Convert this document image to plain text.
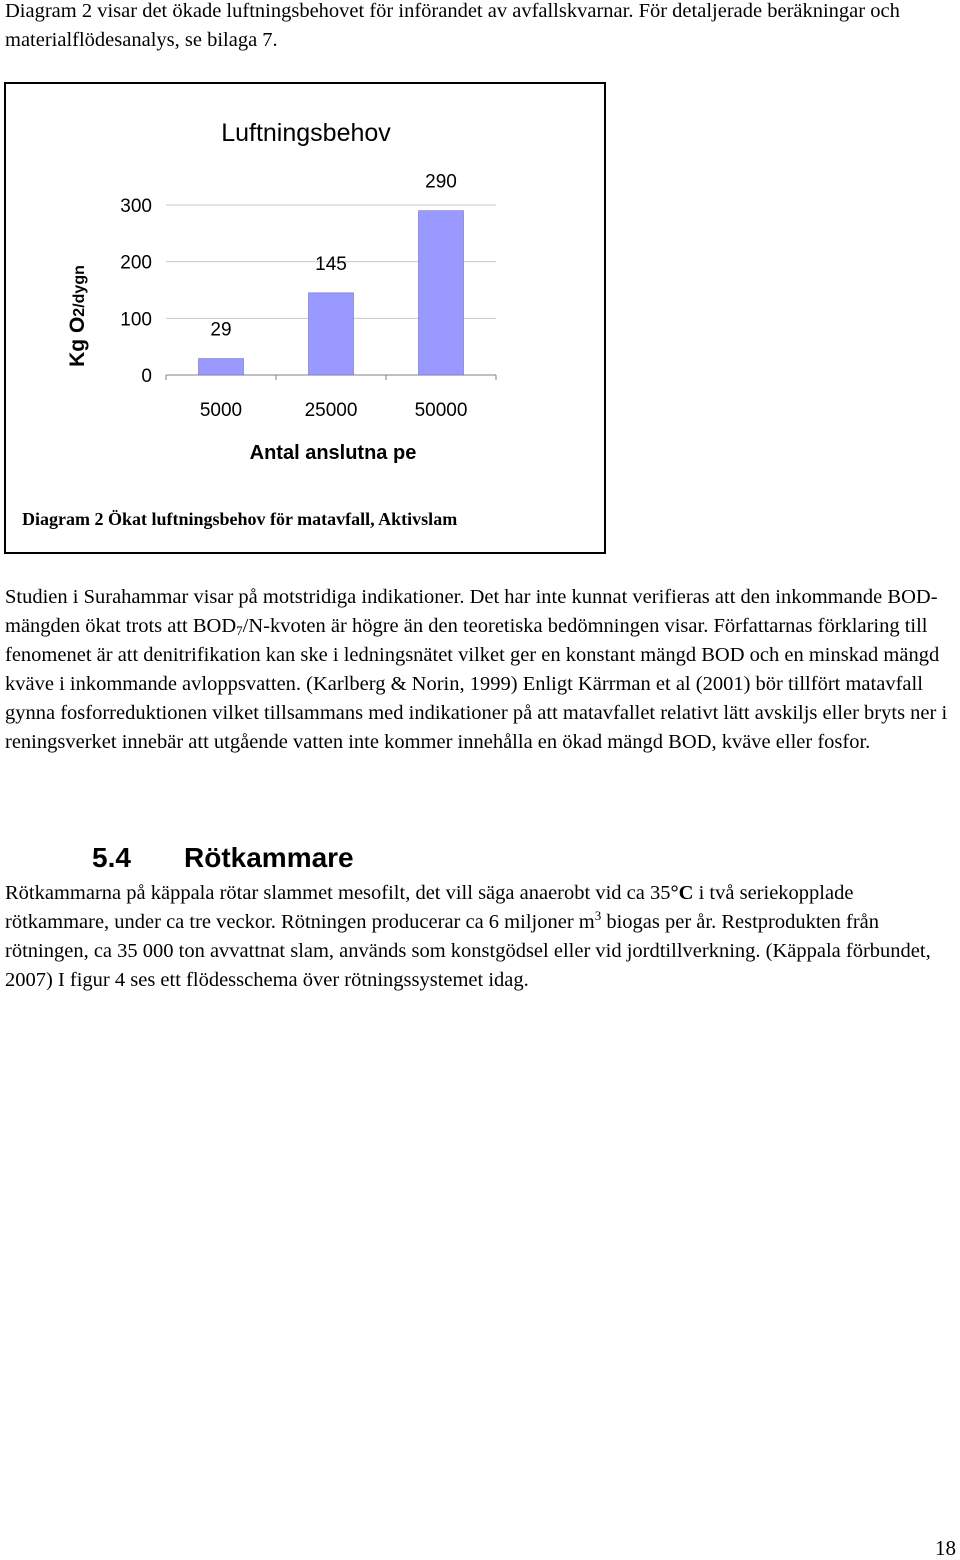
Diagram 2 visar det ökade luftningsbehovet för införandet av avfallskvarnar. För detaljerade beräkningar och materialflödesanalys, se bilaga 7.

Luftningsbehov
0
100
200
300
29
145
290
5000	25000	50000
Antal anslutna pe
Kg O2/dygn
Diagram 2 Ökat luftningsbehov för matavfall, Aktivslam

Studien i Surahammar visar på motstridiga indikationer. Det har inte kunnat verifieras att den inkommande BOD- mängden ökat trots att $BOD_7/N$-kvoten är högre än den teoretiska bedömningen visar. Författarnas förklaring till fenomenet är att denitrifikation kan ske i ledningsnätet vilket ger en konstant mängd BOD och en minskad mängd kväve i inkommande avloppsvatten. (Karlberg & Norin, 1999) Enligt Kärrman et al (2001) bör tillfört matavfall gynna fosforreduktionen vilket tillsammans med indikationer på att matavfallet relativt lätt avskiljs eller bryts ner i reningsverket innebär att utgående vatten inte kommer innehålla en ökad mängd BOD, kväve eller fosfor.

5.4 Rötkammare

Rötkammarna på käppala rötar slammet mesofilt, det vill säga anaerobt vid ca 35°C i två seriekopplade rötkammare, under ca tre veckor. Rötningen producerar ca 6 miljoner $m^3$ biogas per år. Restprodukten från rötningen, ca 35 000 ton avvattnat slam, används som konstgödsel eller vid jordtillverkning. (Käppala förbundet, 2007) I figur 4 ses ett flödesschema över rötningssystemet idag.

18
